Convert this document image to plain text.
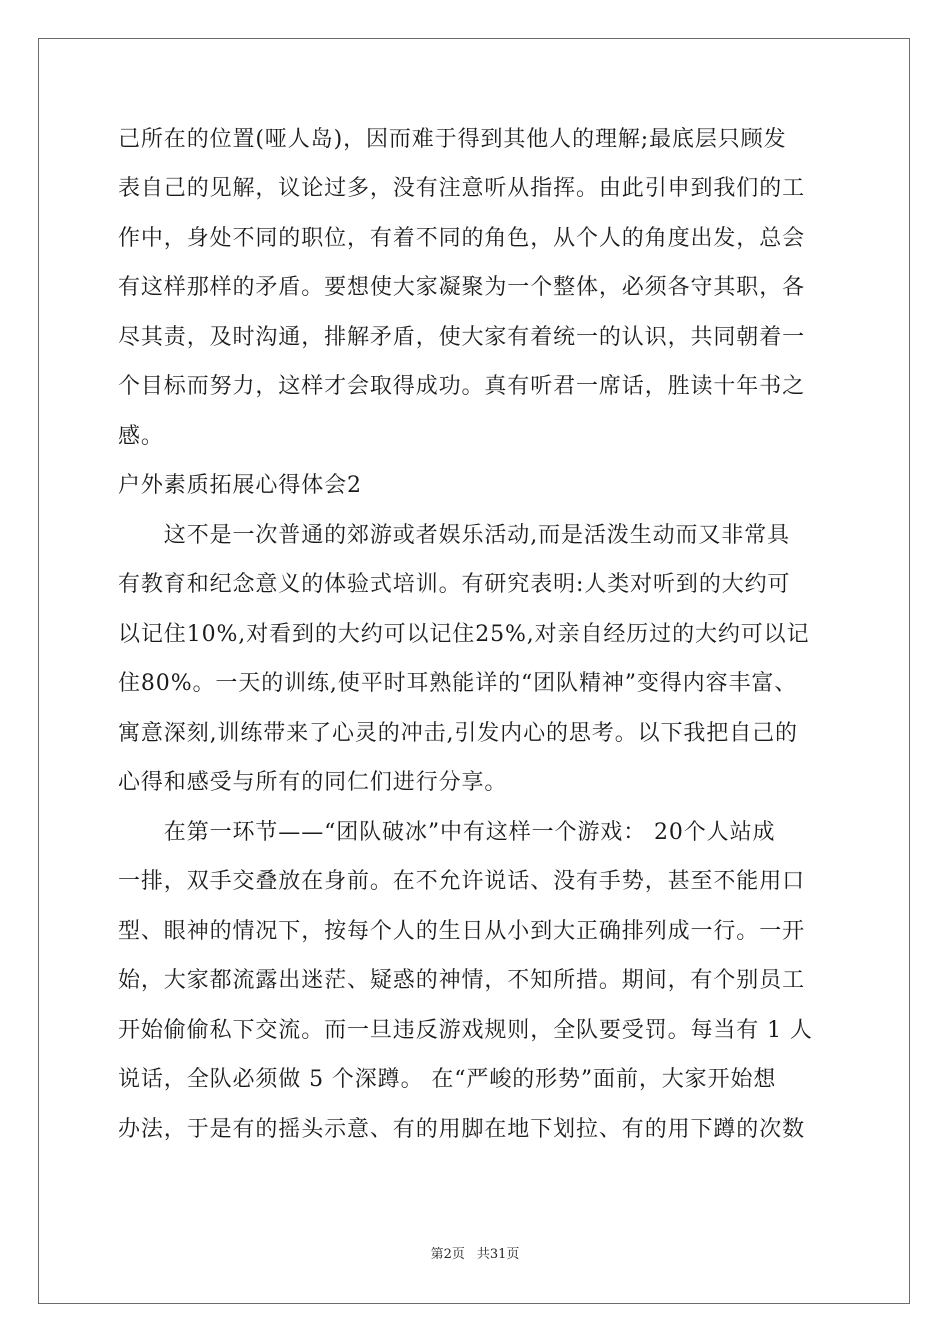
己所在的位置(哑人岛)，因而难于得到其他人的理解;最底层只顾发
表自己的见解，议论过多，没有注意听从指挥。由此引申到我们的工
作中，身处不同的职位，有着不同的角色，从个人的角度出发，总会
有这样那样的矛盾。要想使大家凝聚为一个整体，必须各守其职，各
尽其责，及时沟通，排解矛盾，使大家有着统一的认识，共同朝着一
个目标而努力，这样才会取得成功。真有听君一席话，胜读十年书之
感。
户外素质拓展心得体会2
　　这不是一次普通的郊游或者娱乐活动,而是活泼生动而又非常具
有教育和纪念意义的体验式培训。有研究表明:人类对听到的大约可
以记住10%,对看到的大约可以记住25%,对亲自经历过的大约可以记
住80%。一天的训练,使平时耳熟能详的“团队精神”变得内容丰富、
寓意深刻,训练带来了心灵的冲击,引发内心的思考。以下我把自己的
心得和感受与所有的同仁们进行分享。
　　在第一环节——“团队破冰”中有这样一个游戏： 20个人站成
一排，双手交叠放在身前。在不允许说话、没有手势，甚至不能用口
型、眼神的情况下，按每个人的生日从小到大正确排列成一行。一开
始，大家都流露出迷茫、疑惑的神情，不知所措。期间，有个别员工
开始偷偷私下交流。而一旦违反游戏规则，全队要受罚。每当有 1 人
说话，全队必须做 5 个深蹲。 在“严峻的形势”面前，大家开始想
办法，于是有的摇头示意、有的用脚在地下划拉、有的用下蹲的次数
第2页 共31页
